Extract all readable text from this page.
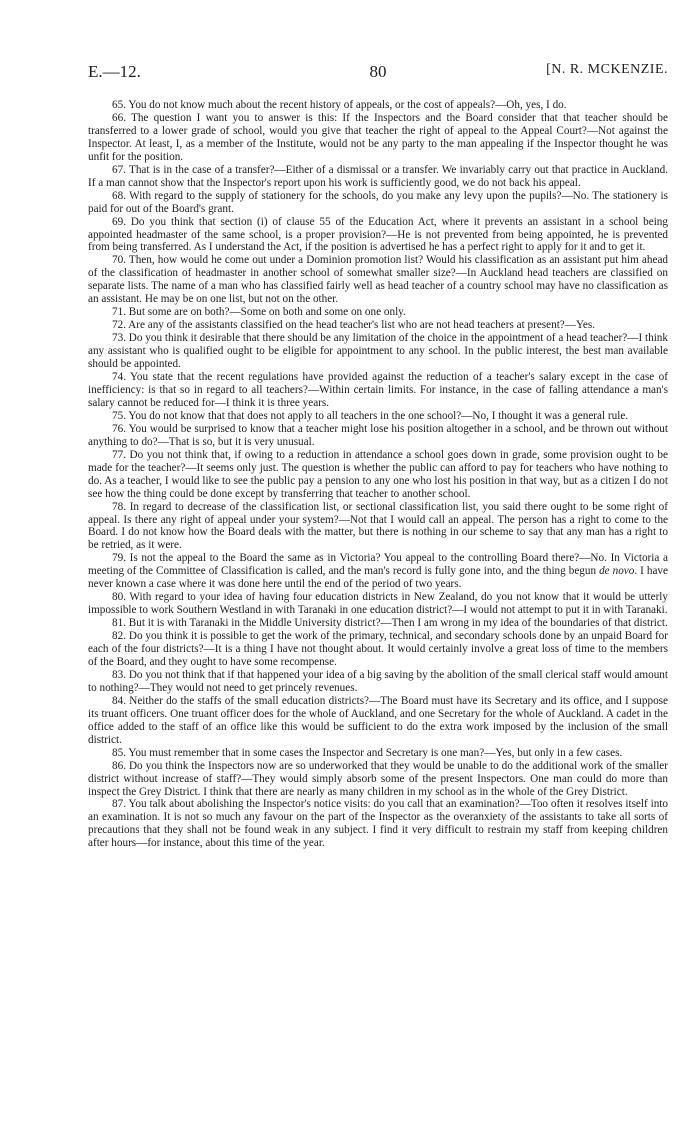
E.—12.	80	[N. R. MCKENZIE.

65. You do not know much about the recent history of appeals, or the cost of appeals?—Oh, yes, I do.

66. The question I want you to answer is this: If the Inspectors and the Board consider that that teacher should be transferred to a lower grade of school, would you give that teacher the right of appeal to the Appeal Court?—Not against the Inspector. At least, I, as a member of the Institute, would not be any party to the man appealing if the Inspector thought he was unfit for the position.

67. That is in the case of a transfer?—Either of a dismissal or a transfer. We invariably carry out that practice in Auckland. If a man cannot show that the Inspector's report upon his work is sufficiently good, we do not back his appeal.

68. With regard to the supply of stationery for the schools, do you make any levy upon the pupils?—No. The stationery is paid for out of the Board's grant.

69. Do you think that section (i) of clause 55 of the Education Act, where it prevents an assistant in a school being appointed headmaster of the same school, is a proper provision?—He is not prevented from being appointed, he is prevented from being transferred. As I understand the Act, if the position is advertised he has a perfect right to apply for it and to get it.

70. Then, how would he come out under a Dominion promotion list? Would his classification as an assistant put him ahead of the classification of headmaster in another school of somewhat smaller size?—In Auckland head teachers are classified on separate lists. The name of a man who has classified fairly well as head teacher of a country school may have no classification as an assistant. He may be on one list, but not on the other.

71. But some are on both?—Some on both and some on one only.

72. Are any of the assistants classified on the head teacher's list who are not head teachers at present?—Yes.

73. Do you think it desirable that there should be any limitation of the choice in the appointment of a head teacher?—I think any assistant who is qualified ought to be eligible for appointment to any school. In the public interest, the best man available should be appointed.

74. You state that the recent regulations have provided against the reduction of a teacher's salary except in the case of inefficiency: is that so in regard to all teachers?—Within certain limits. For instance, in the case of falling attendance a man's salary cannot be reduced for—I think it is three years.

75. You do not know that that does not apply to all teachers in the one school?—No, I thought it was a general rule.

76. You would be surprised to know that a teacher might lose his position altogether in a school, and be thrown out without anything to do?—That is so, but it is very unusual.

77. Do you not think that, if owing to a reduction in attendance a school goes down in grade, some provision ought to be made for the teacher?—It seems only just. The question is whether the public can afford to pay for teachers who have nothing to do. As a teacher, I would like to see the public pay a pension to any one who lost his position in that way, but as a citizen I do not see how the thing could be done except by transferring that teacher to another school.

78. In regard to decrease of the classification list, or sectional classification list, you said there ought to be some right of appeal. Is there any right of appeal under your system?—Not that I would call an appeal. The person has a right to come to the Board. I do not know how the Board deals with the matter, but there is nothing in our scheme to say that any man has a right to be retried, as it were.

79. Is not the appeal to the Board the same as in Victoria? You appeal to the controlling Board there?—No. In Victoria a meeting of the Committee of Classification is called, and the man's record is fully gone into, and the thing begun de novo. I have never known a case where it was done here until the end of the period of two years.

80. With regard to your idea of having four education districts in New Zealand, do you not know that it would be utterly impossible to work Southern Westland in with Taranaki in one education district?—I would not attempt to put it in with Taranaki.

81. But it is with Taranaki in the Middle University district?—Then I am wrong in my idea of the boundaries of that district.

82. Do you think it is possible to get the work of the primary, technical, and secondary schools done by an unpaid Board for each of the four districts?—It is a thing I have not thought about. It would certainly involve a great loss of time to the members of the Board, and they ought to have some recompense.

83. Do you not think that if that happened your idea of a big saving by the abolition of the small clerical staff would amount to nothing?—They would not need to get princely revenues.

84. Neither do the staffs of the small education districts?—The Board must have its Secretary and its office, and I suppose its truant officers. One truant officer does for the whole of Auckland, and one Secretary for the whole of Auckland. A cadet in the office added to the staff of an office like this would be sufficient to do the extra work imposed by the inclusion of the small district.

85. You must remember that in some cases the Inspector and Secretary is one man?—Yes, but only in a few cases.

86. Do you think the Inspectors now are so underworked that they would be unable to do the additional work of the smaller district without increase of staff?—They would simply absorb some of the present Inspectors. One man could do more than inspect the Grey District. I think that there are nearly as many children in my school as in the whole of the Grey District.

87. You talk about abolishing the Inspector's notice visits: do you call that an examination?—Too often it resolves itself into an examination. It is not so much any favour on the part of the Inspector as the overanxiety of the assistants to take all sorts of precautions that they shall not be found weak in any subject. I find it very difficult to restrain my staff from keeping children after hours—for instance, about this time of the year.
